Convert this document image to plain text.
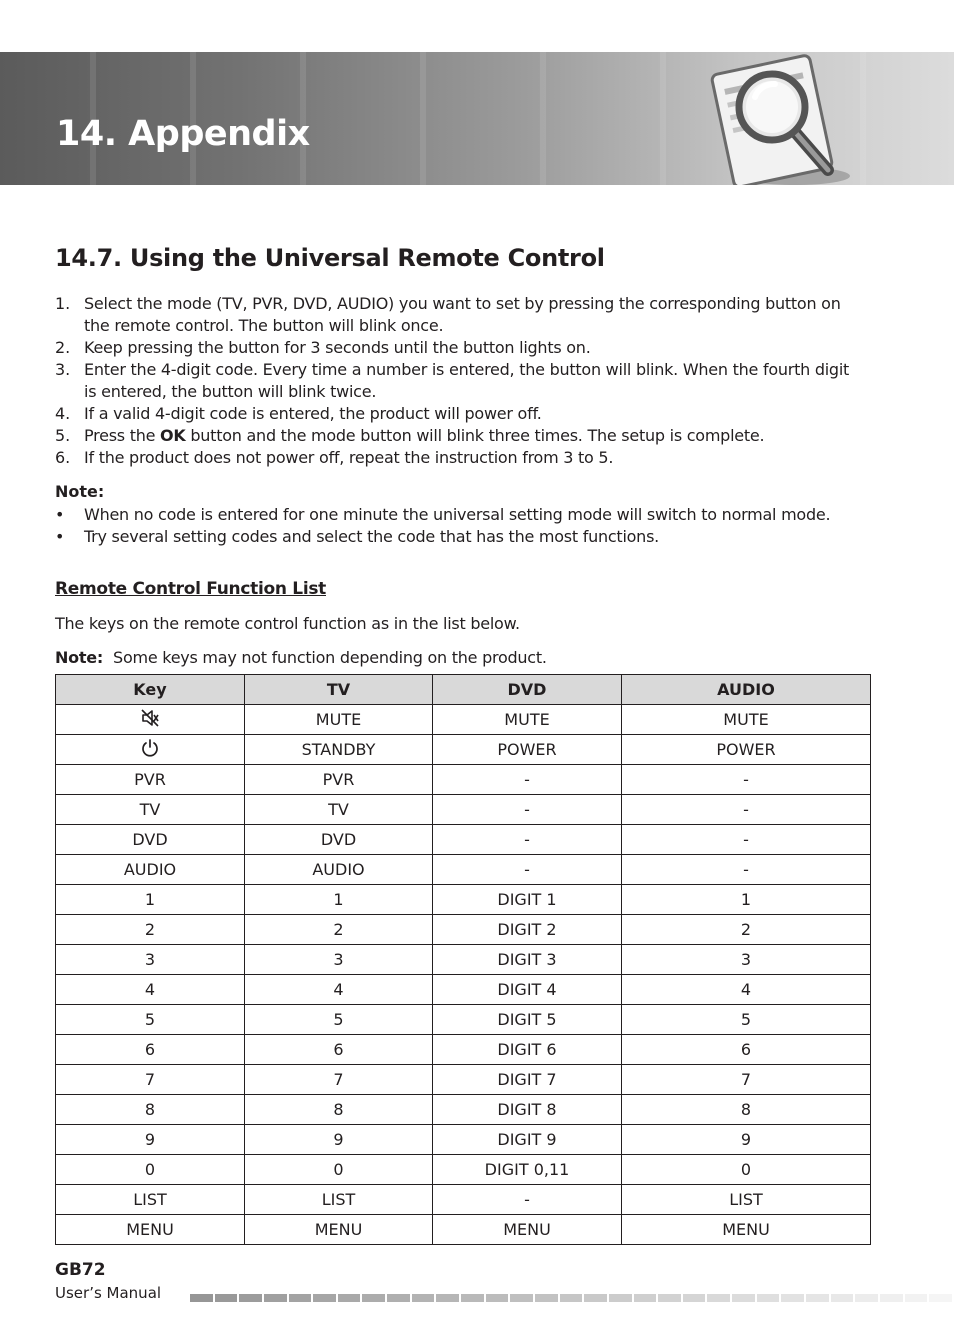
14. Appendix
14.7. Using the Universal Remote Control
1. Select the mode (TV, PVR, DVD, AUDIO) you want to set by pressing the corresponding button on the remote control. The button will blink once.
2. Keep pressing the button for 3 seconds until the button lights on.
3. Enter the 4-digit code. Every time a number is entered, the button will blink. When the fourth digit is entered, the button will blink twice.
4. If a valid 4-digit code is entered, the product will power off.
5. Press the OK button and the mode button will blink three times. The setup is complete.
6. If the product does not power off, repeat the instruction from 3 to 5.
Note:
•	When no code is entered for one minute the universal setting mode will switch to normal mode.
•	Try several setting codes and select the code that has the most functions.
Remote Control Function List
The keys on the remote control function as in the list below.
Note: Some keys may not function depending on the product.
Key	TV	DVD	AUDIO
	MUTE	MUTE	MUTE
	STANDBY	POWER	POWER
PVR	PVR	-	-
TV	TV	-	-
DVD	DVD	-	-
AUDIO	AUDIO	-	-
1	1	DIGIT 1	1
2	2	DIGIT 2	2
3	3	DIGIT 3	3
4	4	DIGIT 4	4
5	5	DIGIT 5	5
6	6	DIGIT 6	6
7	7	DIGIT 7	7
8	8	DIGIT 8	8
9	9	DIGIT 9	9
0	0	DIGIT 0,11	0
LIST	LIST	-	LIST
MENU	MENU	MENU	MENU
GB72
User’s Manual
